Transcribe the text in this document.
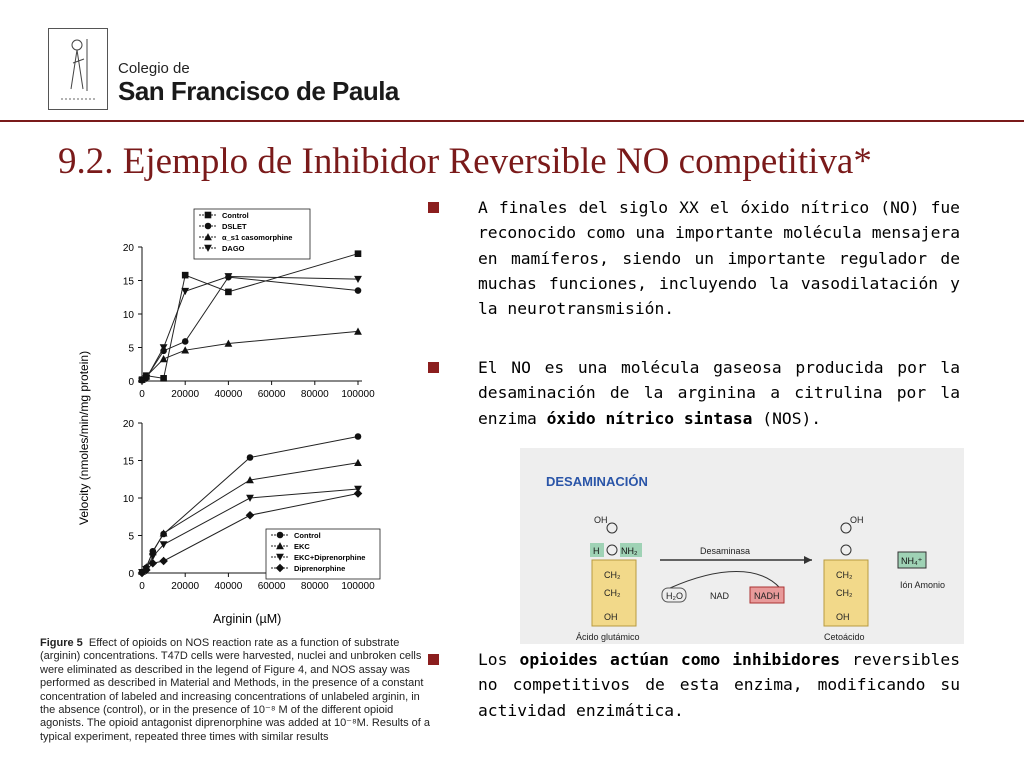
Colegio de
San Francisco de Paula
9.2. Ejemplo de Inhibidor Reversible NO competitiva*
0
5
10
15
20
0	20000 40000 60000 80000 100000
Control
DSLET
α_s1 casomorphine
DAGO
0
5
10
15
20
0	20000 40000 60000 80000 100000
Control
EKC
EKC+Diprenorphine
Diprenorphine
Velocity (nmoles/min/mg protein)
Arginin (µM)
Figure 5 Effect of opioids on NOS reaction rate as a function of substrate (arginin) concentrations. T47D cells were harvested, nuclei and unbroken cells were eliminated as described in the legend of Figure 4, and NOS assay was performed as described in Material and Methods, in the presence of a constant concentration of labeled and increasing concentrations of unlabeled arginin, in the absence (control), or in the presence of 10⁻⁸ M of the different opioid agonists. The opioid antagonist diprenorphine was added at 10⁻⁸M. Results of a typical experiment, repeated three times with similar results
A finales del siglo XX el óxido nítrico (NO) fue reconocido como una importante molécula mensajera en mamíferos, siendo un importante regulador de muchas funciones, incluyendo la vasodilatación y la neurotransmisión.
El NO es una molécula gaseosa producida por la desaminación de la arginina a citrulina por la enzima óxido nítrico sintasa (NOS).
Los opioides actúan como inhibidores reversibles no competitivos de esta enzima, modificando su actividad enzimática.
DESAMINACIÓN
OH
H NH₂
CH₂
CH₂
OH
Ácido glutámico
Desaminasa
H₂O	NAD	NADH
OH
CH₂
CH₂
OH
Cetoácido
NH₄⁺
Ión Amonio
